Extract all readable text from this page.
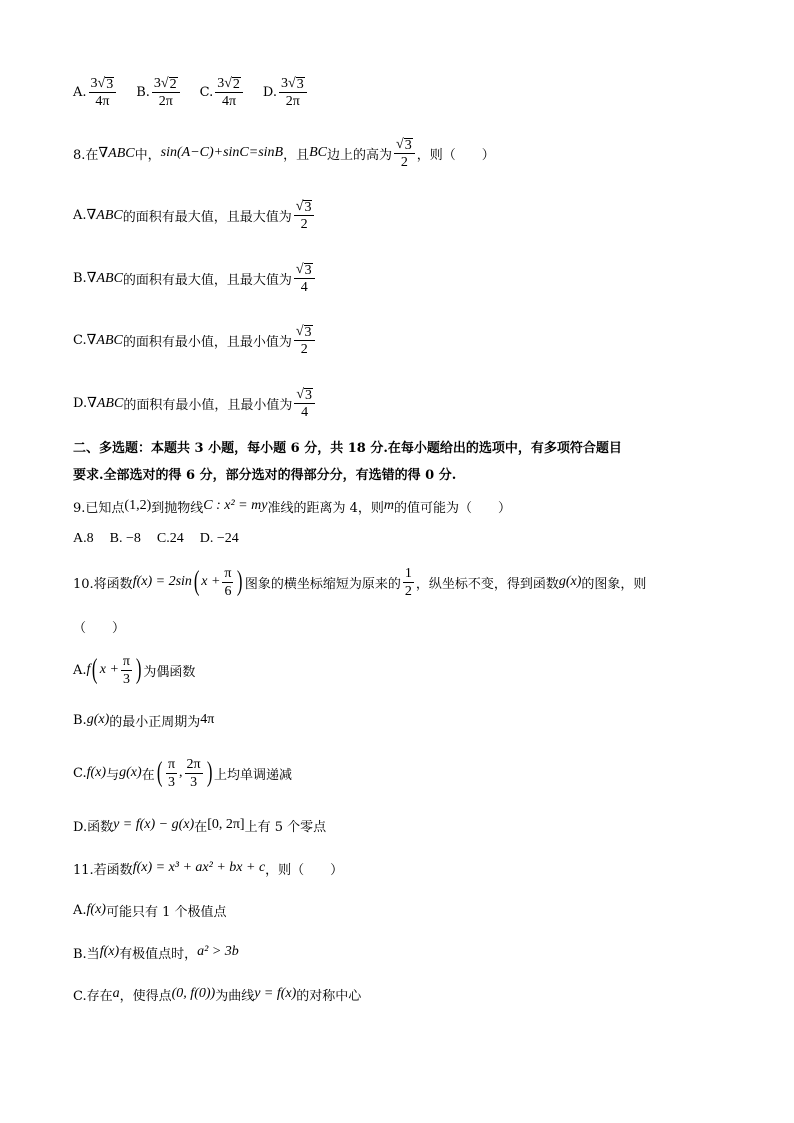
A. $\frac{3 √ 3}{4\pi} B$. $\frac{3 √ 2}{2\pi} C$. $\frac{3 √ 2}{4\pi} D$. $\frac{3 √ 3}{2\pi}$
8.在 ∇ABC 中， sin(A−C)+sinC=sinB ，且 BC 边上的高为 $\frac{√ 3}{2}$ ，则（　　）
A. ∇ABC 的面积有最大值，且最大值为 $\frac{√ 3}{2}$
B. ∇ABC 的面积有最大值，且最大值为 $\frac{√ 3}{4}$
C. ∇ABC 的面积有最小值，且最小值为 $\frac{√ 3}{2}$
D. ∇ABC 的面积有最小值，且最小值为 $\frac{√ 3}{4}$
二、多选题：本题共 3 小题，每小题 6 分，共 18 分.在每小题给出的选项中，有多项符合题目
要求.全部选对的得 6 分，部分选对的得部分分，有选错的得 0 分.
9.已知点 (1,2) 到抛物线 C : x² = my 准线的距离为 4，则 m 的值可能为（　　）
A.8 B. −8 C.24 D. −24
10.将函数 f(x) = 2sin ( $x + \frac{\pi}{6}$ ) 图象的横坐标缩短为原来的 $\frac{1}{2}$ ，纵坐标不变，得到函数 g(x) 的图象，则
（　　）
A. f ( $x + \frac{\pi}{3}$ ) 为偶函数
B. g(x) 的最小正周期为 4π
C. f(x) 与 g(x) 在 ( $\frac{\pi}{3}$ , $\frac{2\pi}{3}$ ) 上均单调递减
D.函数 y = f(x) − g(x) 在 [0, 2π] 上有 5 个零点
11.若函数 f(x) = x³ + ax² + bx + c ，则（　　）
A. f(x) 可能只有 1 个极值点
B.当 f(x) 有极值点时， a² > 3b
C.存在 a ，使得点 (0, f(0)) 为曲线 y = f(x) 的对称中心
